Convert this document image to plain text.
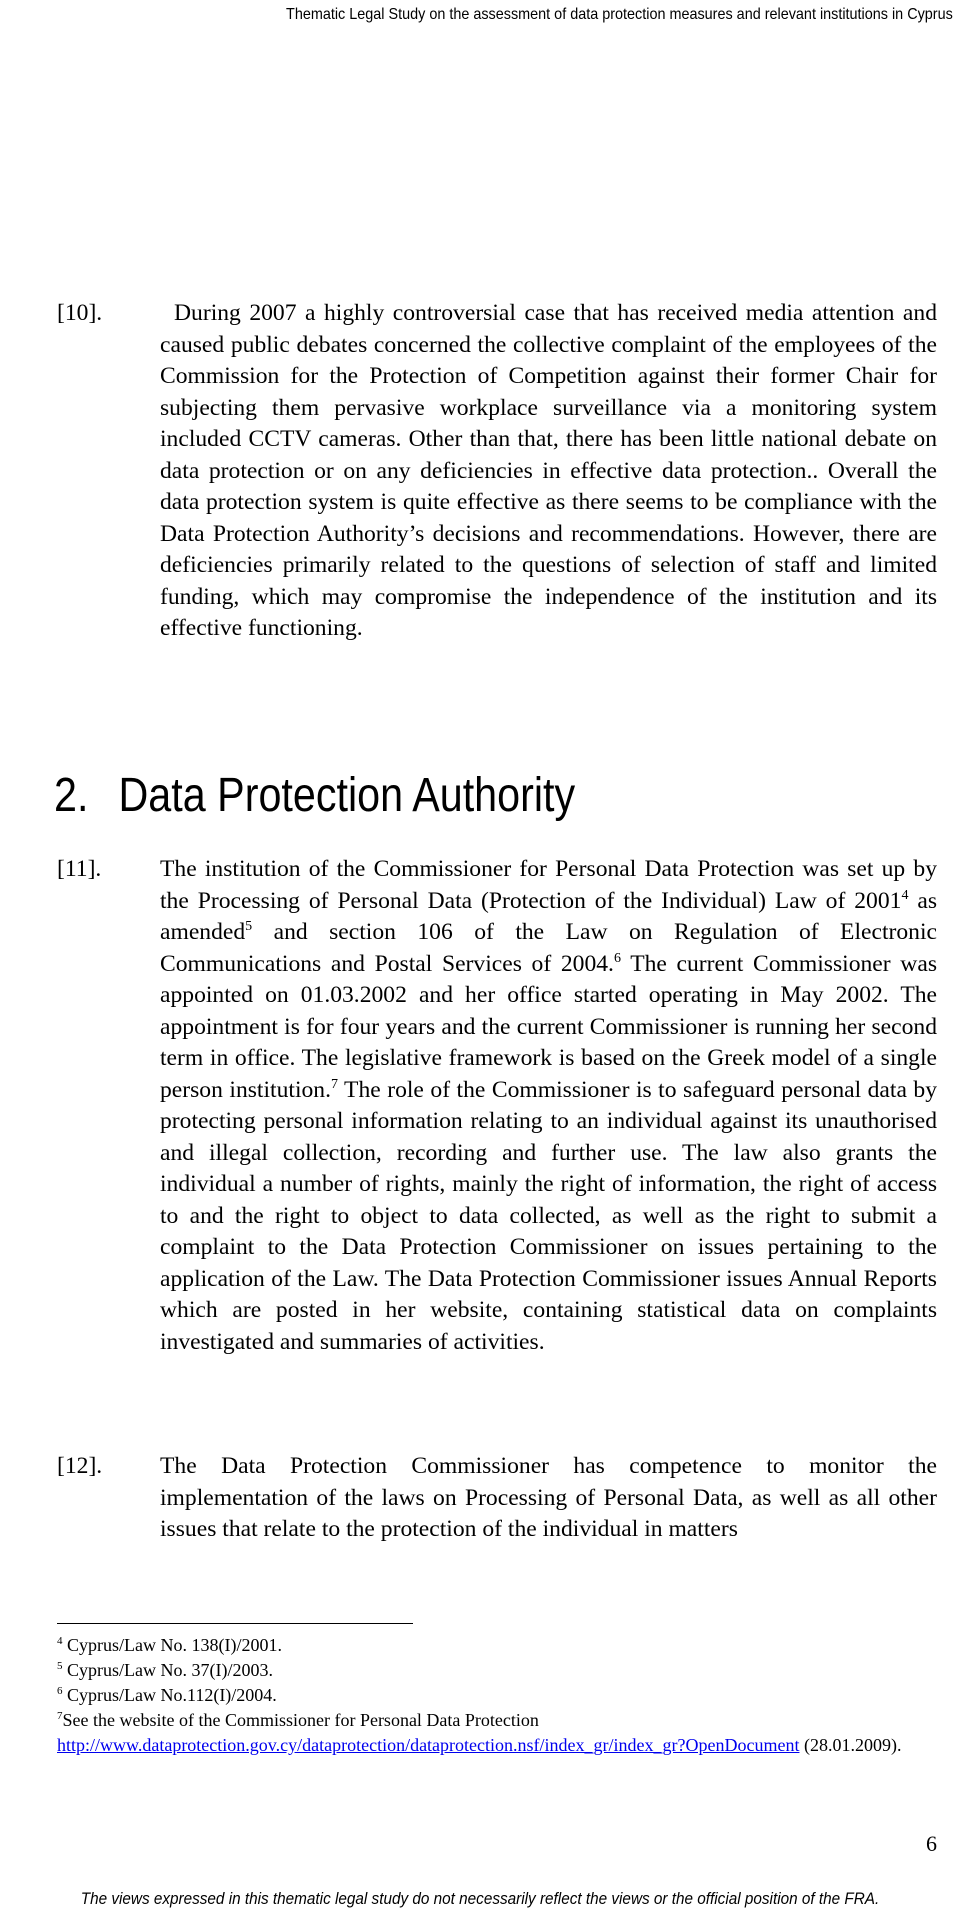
Thematic Legal Study on the assessment of data protection measures and relevant institutions in Cyprus
[10].	During 2007 a highly controversial case that has received media attention and caused public debates concerned the collective complaint of the employees of the Commission for the Protection of Competition against their former Chair for subjecting them pervasive workplace surveillance via a monitoring system included CCTV cameras. Other than that, there has been little national debate on data protection or on any deficiencies in effective data protection.. Overall the data protection system is quite effective as there seems to be compliance with the Data Protection Authority’s decisions and recommendations. However, there are deficiencies primarily related to the questions of selection of staff and limited funding, which may compromise the independence of the institution and its effective functioning.
2. Data Protection Authority
[11]. The institution of the Commissioner for Personal Data Protection was set up by the Processing of Personal Data (Protection of the Individual) Law of 2001$^4$ as amended$^5$ and section 106 of the Law on Regulation of Electronic Communications and Postal Services of 2004.$^6$ The current Commissioner was appointed on 01.03.2002 and her office started operating in May 2002. The appointment is for four years and the current Commissioner is running her second term in office. The legislative framework is based on the Greek model of a single person institution.$^7$ The role of the Commissioner is to safeguard personal data by protecting personal information relating to an individual against its unauthorised and illegal collection, recording and further use. The law also grants the individual a number of rights, mainly the right of information, the right of access to and the right to object to data collected, as well as the right to submit a complaint to the Data Protection Commissioner on issues pertaining to the application of the Law. The Data Protection Commissioner issues Annual Reports which are posted in her website, containing statistical data on complaints investigated and summaries of activities.
[12]. The Data Protection Commissioner has competence to monitor the implementation of the laws on Processing of Personal Data, as well as all other issues that relate to the protection of the individual in matters
$^4$ Cyprus/Law No. 138(I)/2001.
$^5$ Cyprus/Law No. 37(I)/2003.
$^6$ Cyprus/Law No.112(I)/2004.
$^7$See the website of the Commissioner for Personal Data Protection
http://www.dataprotection.gov.cy/dataprotection/dataprotection.nsf/index_gr/index_gr?OpenDocument (28.01.2009).
6
The views expressed in this thematic legal study do not necessarily reflect the views or the official position of the FRA.
